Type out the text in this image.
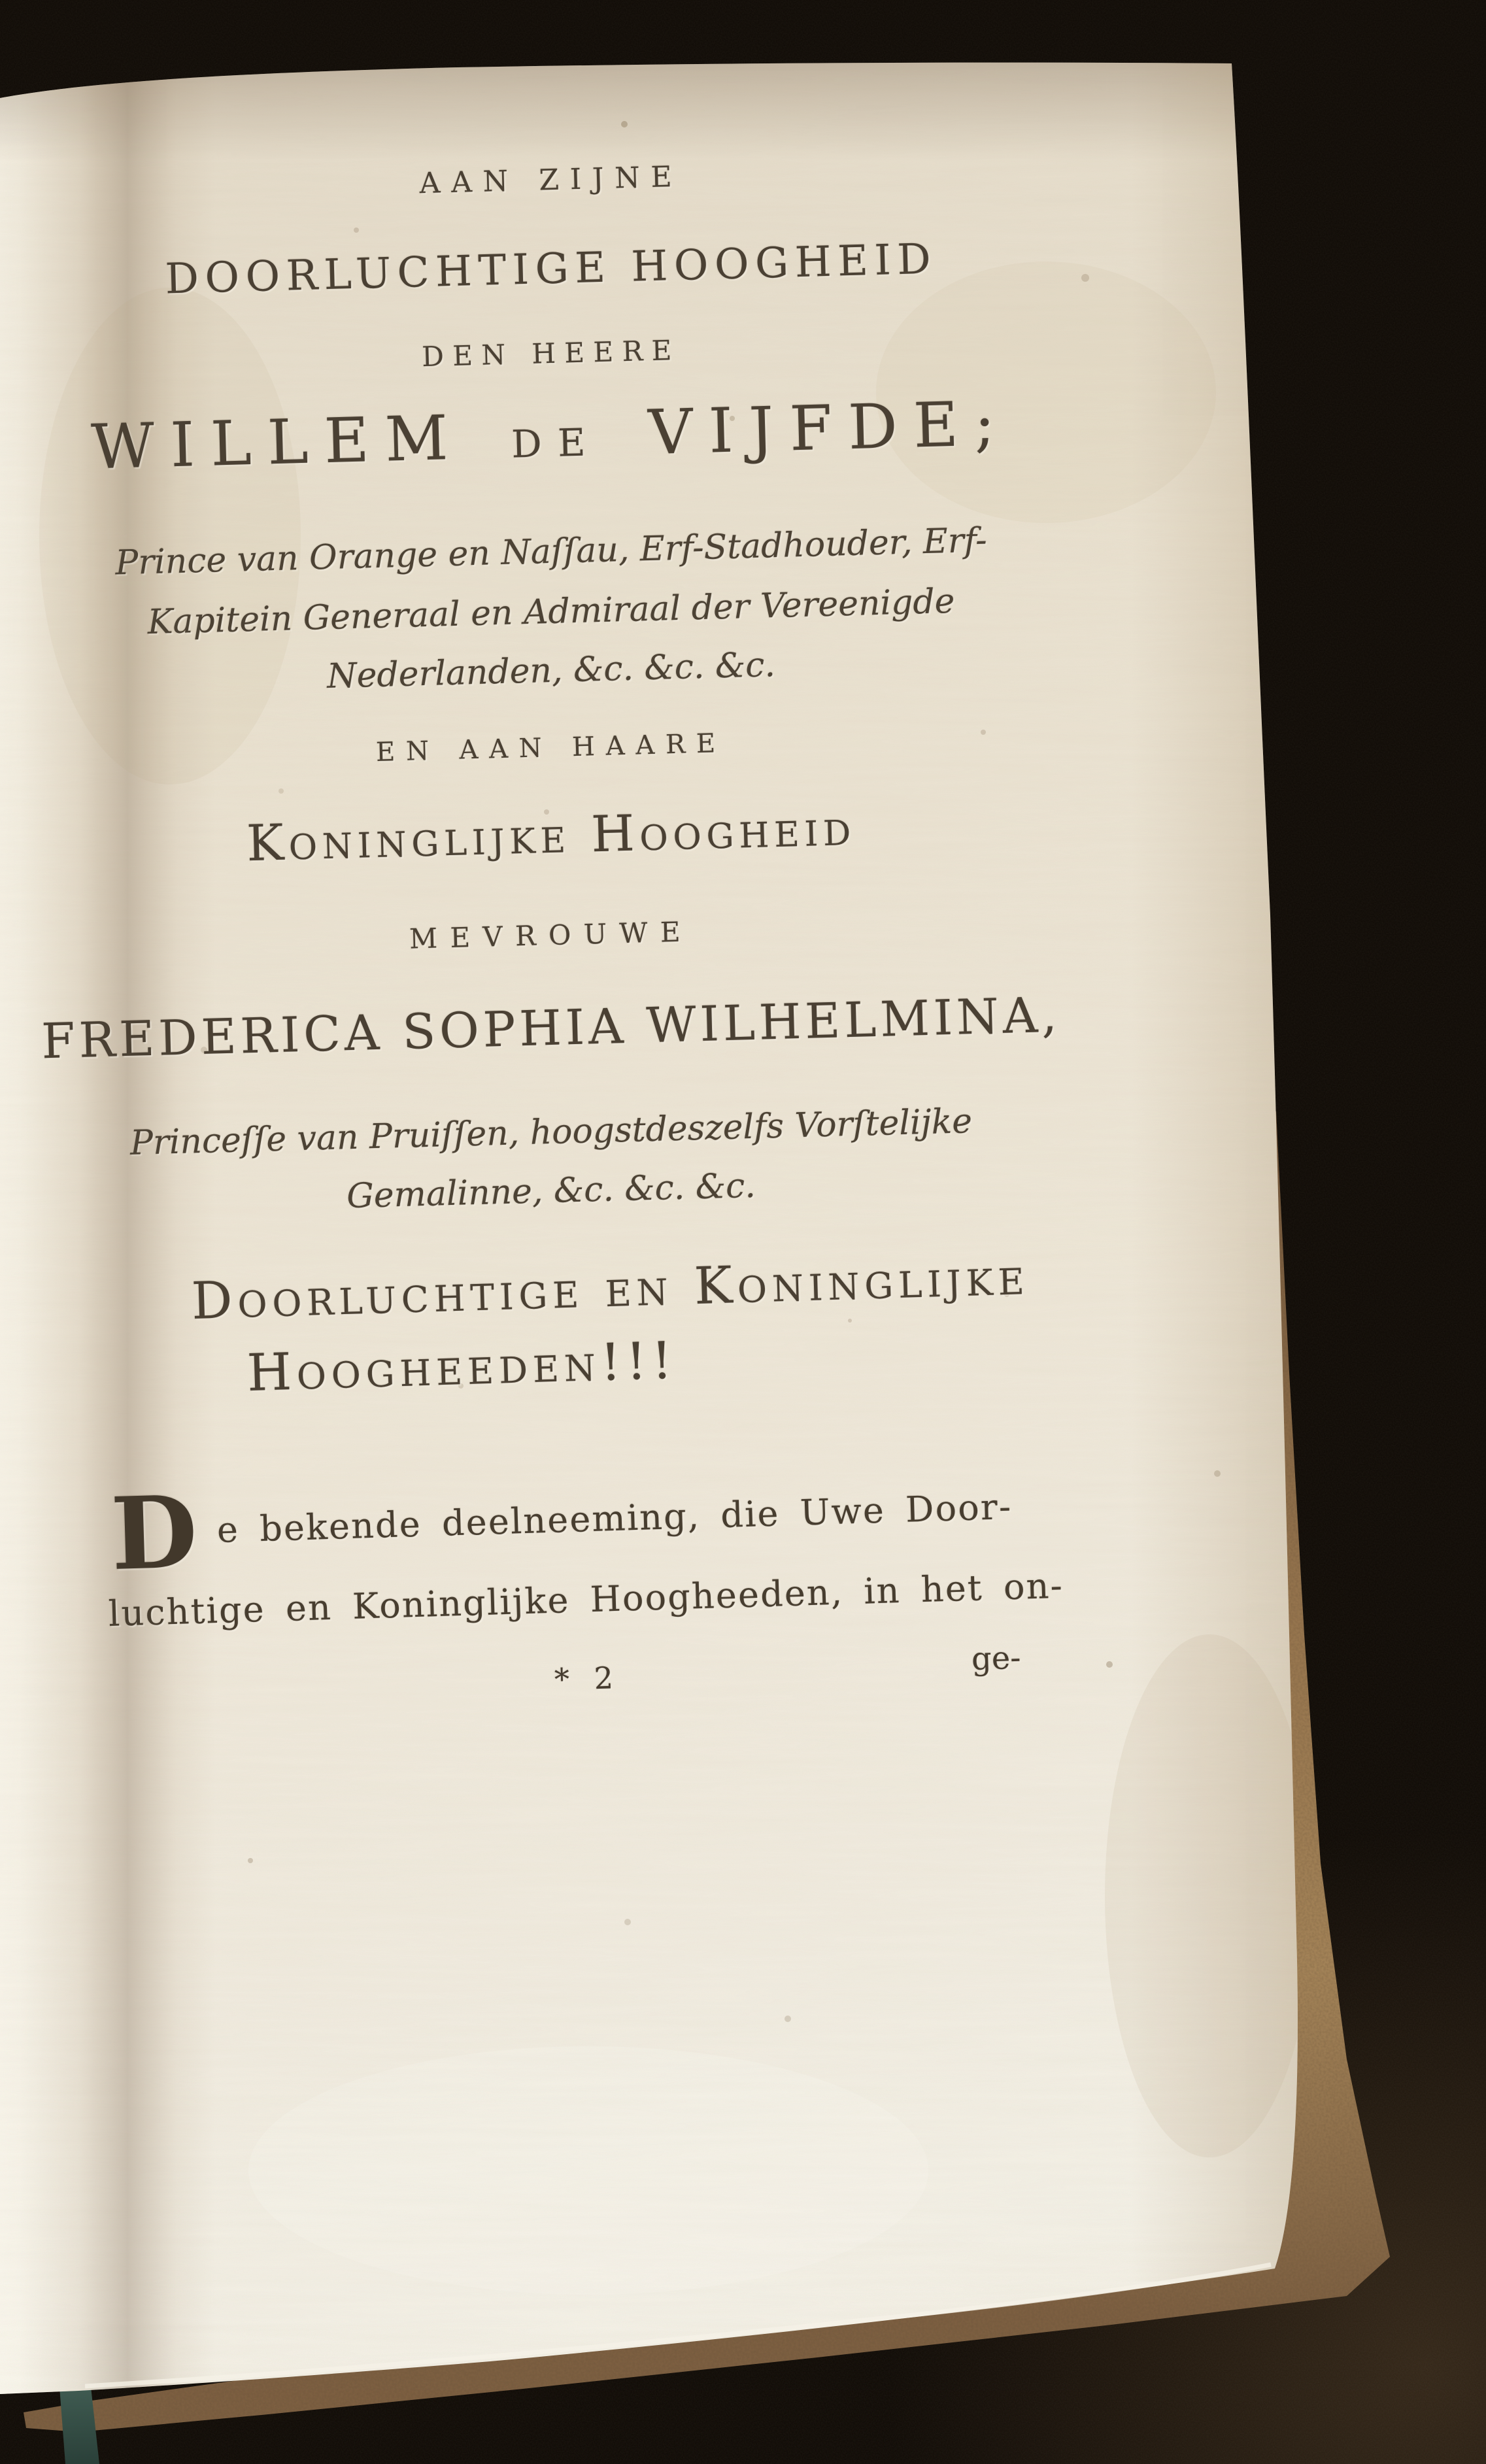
AAN ZIJNE
DOORLUCHTIGE HOOGHEID
DEN HEERE
WILLEM DE VIJFDE;
Prince van Orange en Naſſau, Erf-Stadhouder, Erf-
Kapitein Generaal en Admiraal der Vereenigde
Nederlanden, &c. &c. &c.
EN AAN HAARE
Koninglijke Hoogheid
MEVROUWE
FREDERICA SOPHIA WILHELMINA,
Princeſſe van Pruiſſen, hoogstdeszelfs Vorſtelijke
Gemalinne, &c. &c. &c.
Doorluchtige en Koninglijke
Hoogheeden!!!
D e bekende deelneeming, die Uwe Door-
luchtige en Koninglijke Hoogheeden, in het on-
* 2
ge-
